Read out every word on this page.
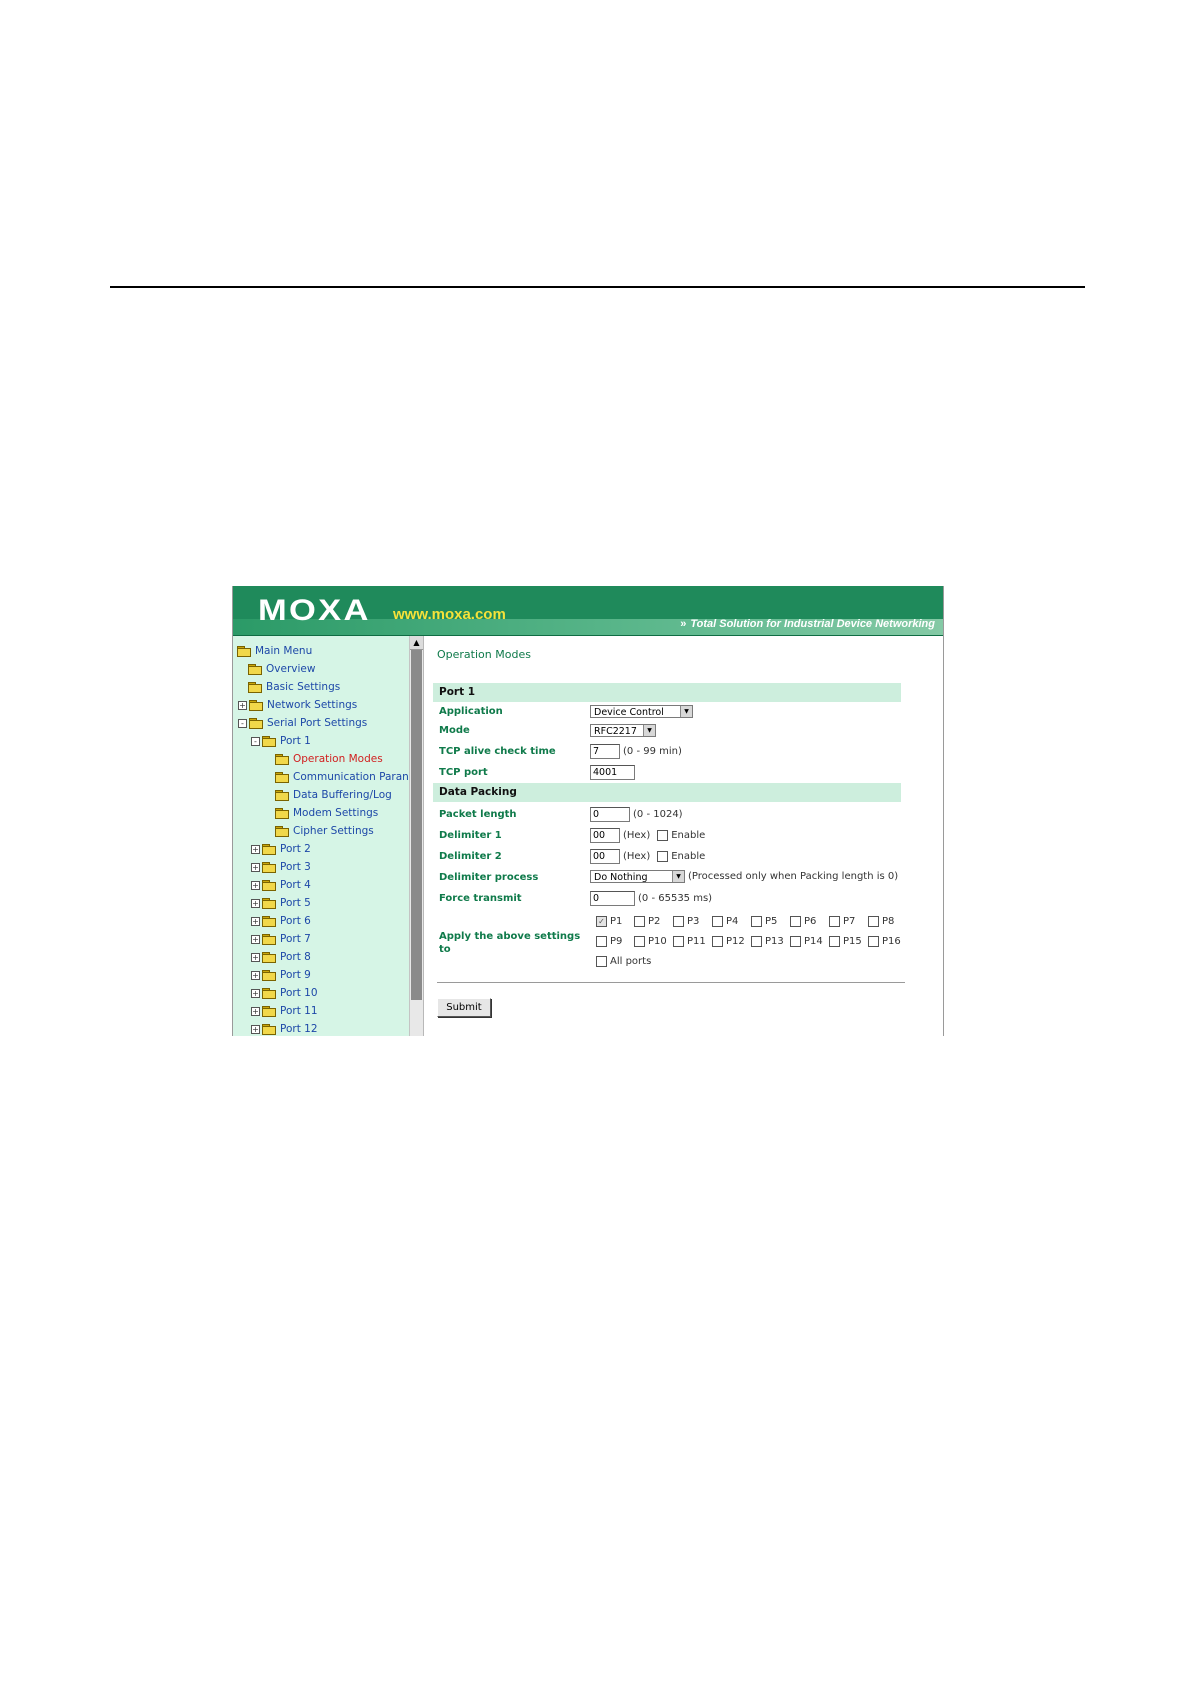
MOXA www.moxa.com
» Total Solution for Industrial Device Networking
Main Menu
Overview
Basic Settings
+ Network Settings
- Serial Port Settings
- Port 1
Operation Modes
Communication Paran
Data Buffering/Log
Modem Settings
Cipher Settings
+ Port 2
+ Port 3
+ Port 4
+ Port 5
+ Port 6
+ Port 7
+ Port 8
+ Port 9
+ Port 10
+ Port 11
+ Port 12
▲
Operation Modes
Port 1
Application	Device Control	▼
Mode	RFC2217	▼
TCP alive check time	7	(0 - 99 min)
TCP port	4001
Data Packing
Packet length	0	(0 - 1024)
Delimiter 1	00	(Hex) Enable
Delimiter 2	00	(Hex) Enable
Delimiter process	Do Nothing	▼ (Processed only when Packing length is 0)
Force transmit	0	(0 - 65535 ms)
Apply the above settings to
✓ P1	P2	P3	P4	P5	P6	P7	P8
P9	P10 P11 P12 P13 P14 P15 P16
All ports
Submit
